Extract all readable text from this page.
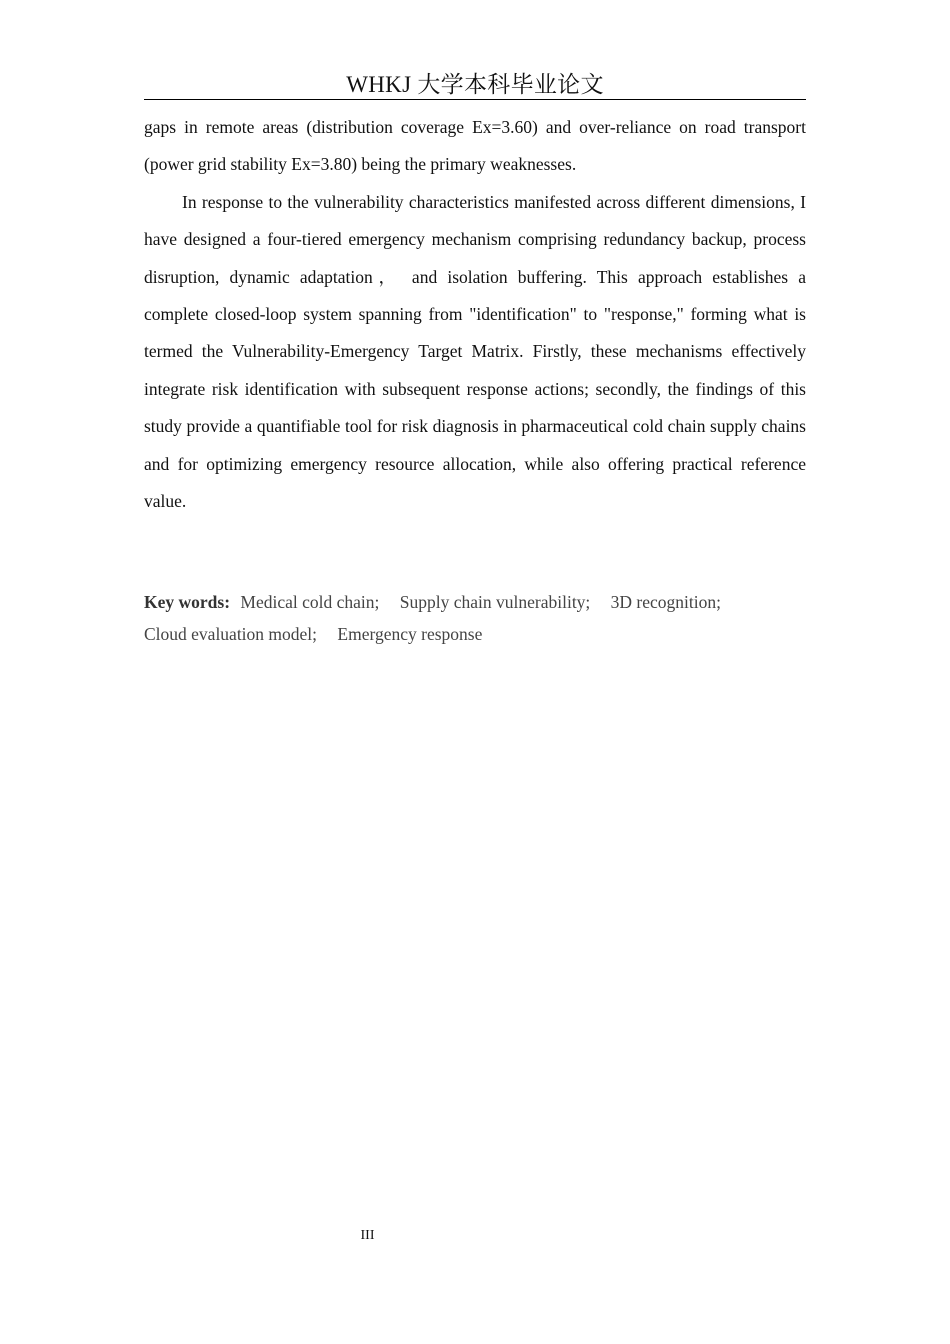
WHKJ 大学本科毕业论文

gaps in remote areas (distribution coverage Ex=3.60) and over-reliance on road transport (power grid stability Ex=3.80) being the primary weaknesses.

In response to the vulnerability characteristics manifested across different dimensions, I have designed a four-tiered emergency mechanism comprising redundancy backup, process disruption, dynamic adaptation， and isolation buffering. This approach establishes a complete closed-loop system spanning from "identification" to "response," forming what is termed the Vulnerability-Emergency Target Matrix. Firstly, these mechanisms effectively integrate risk identification with subsequent response actions; secondly, the findings of this study provide a quantifiable tool for risk diagnosis in pharmaceutical cold chain supply chains and for optimizing emergency resource allocation, while also offering practical reference value.

Key words: Medical cold chain; Supply chain vulnerability; 3D recognition;
Cloud evaluation model; Emergency response
III
